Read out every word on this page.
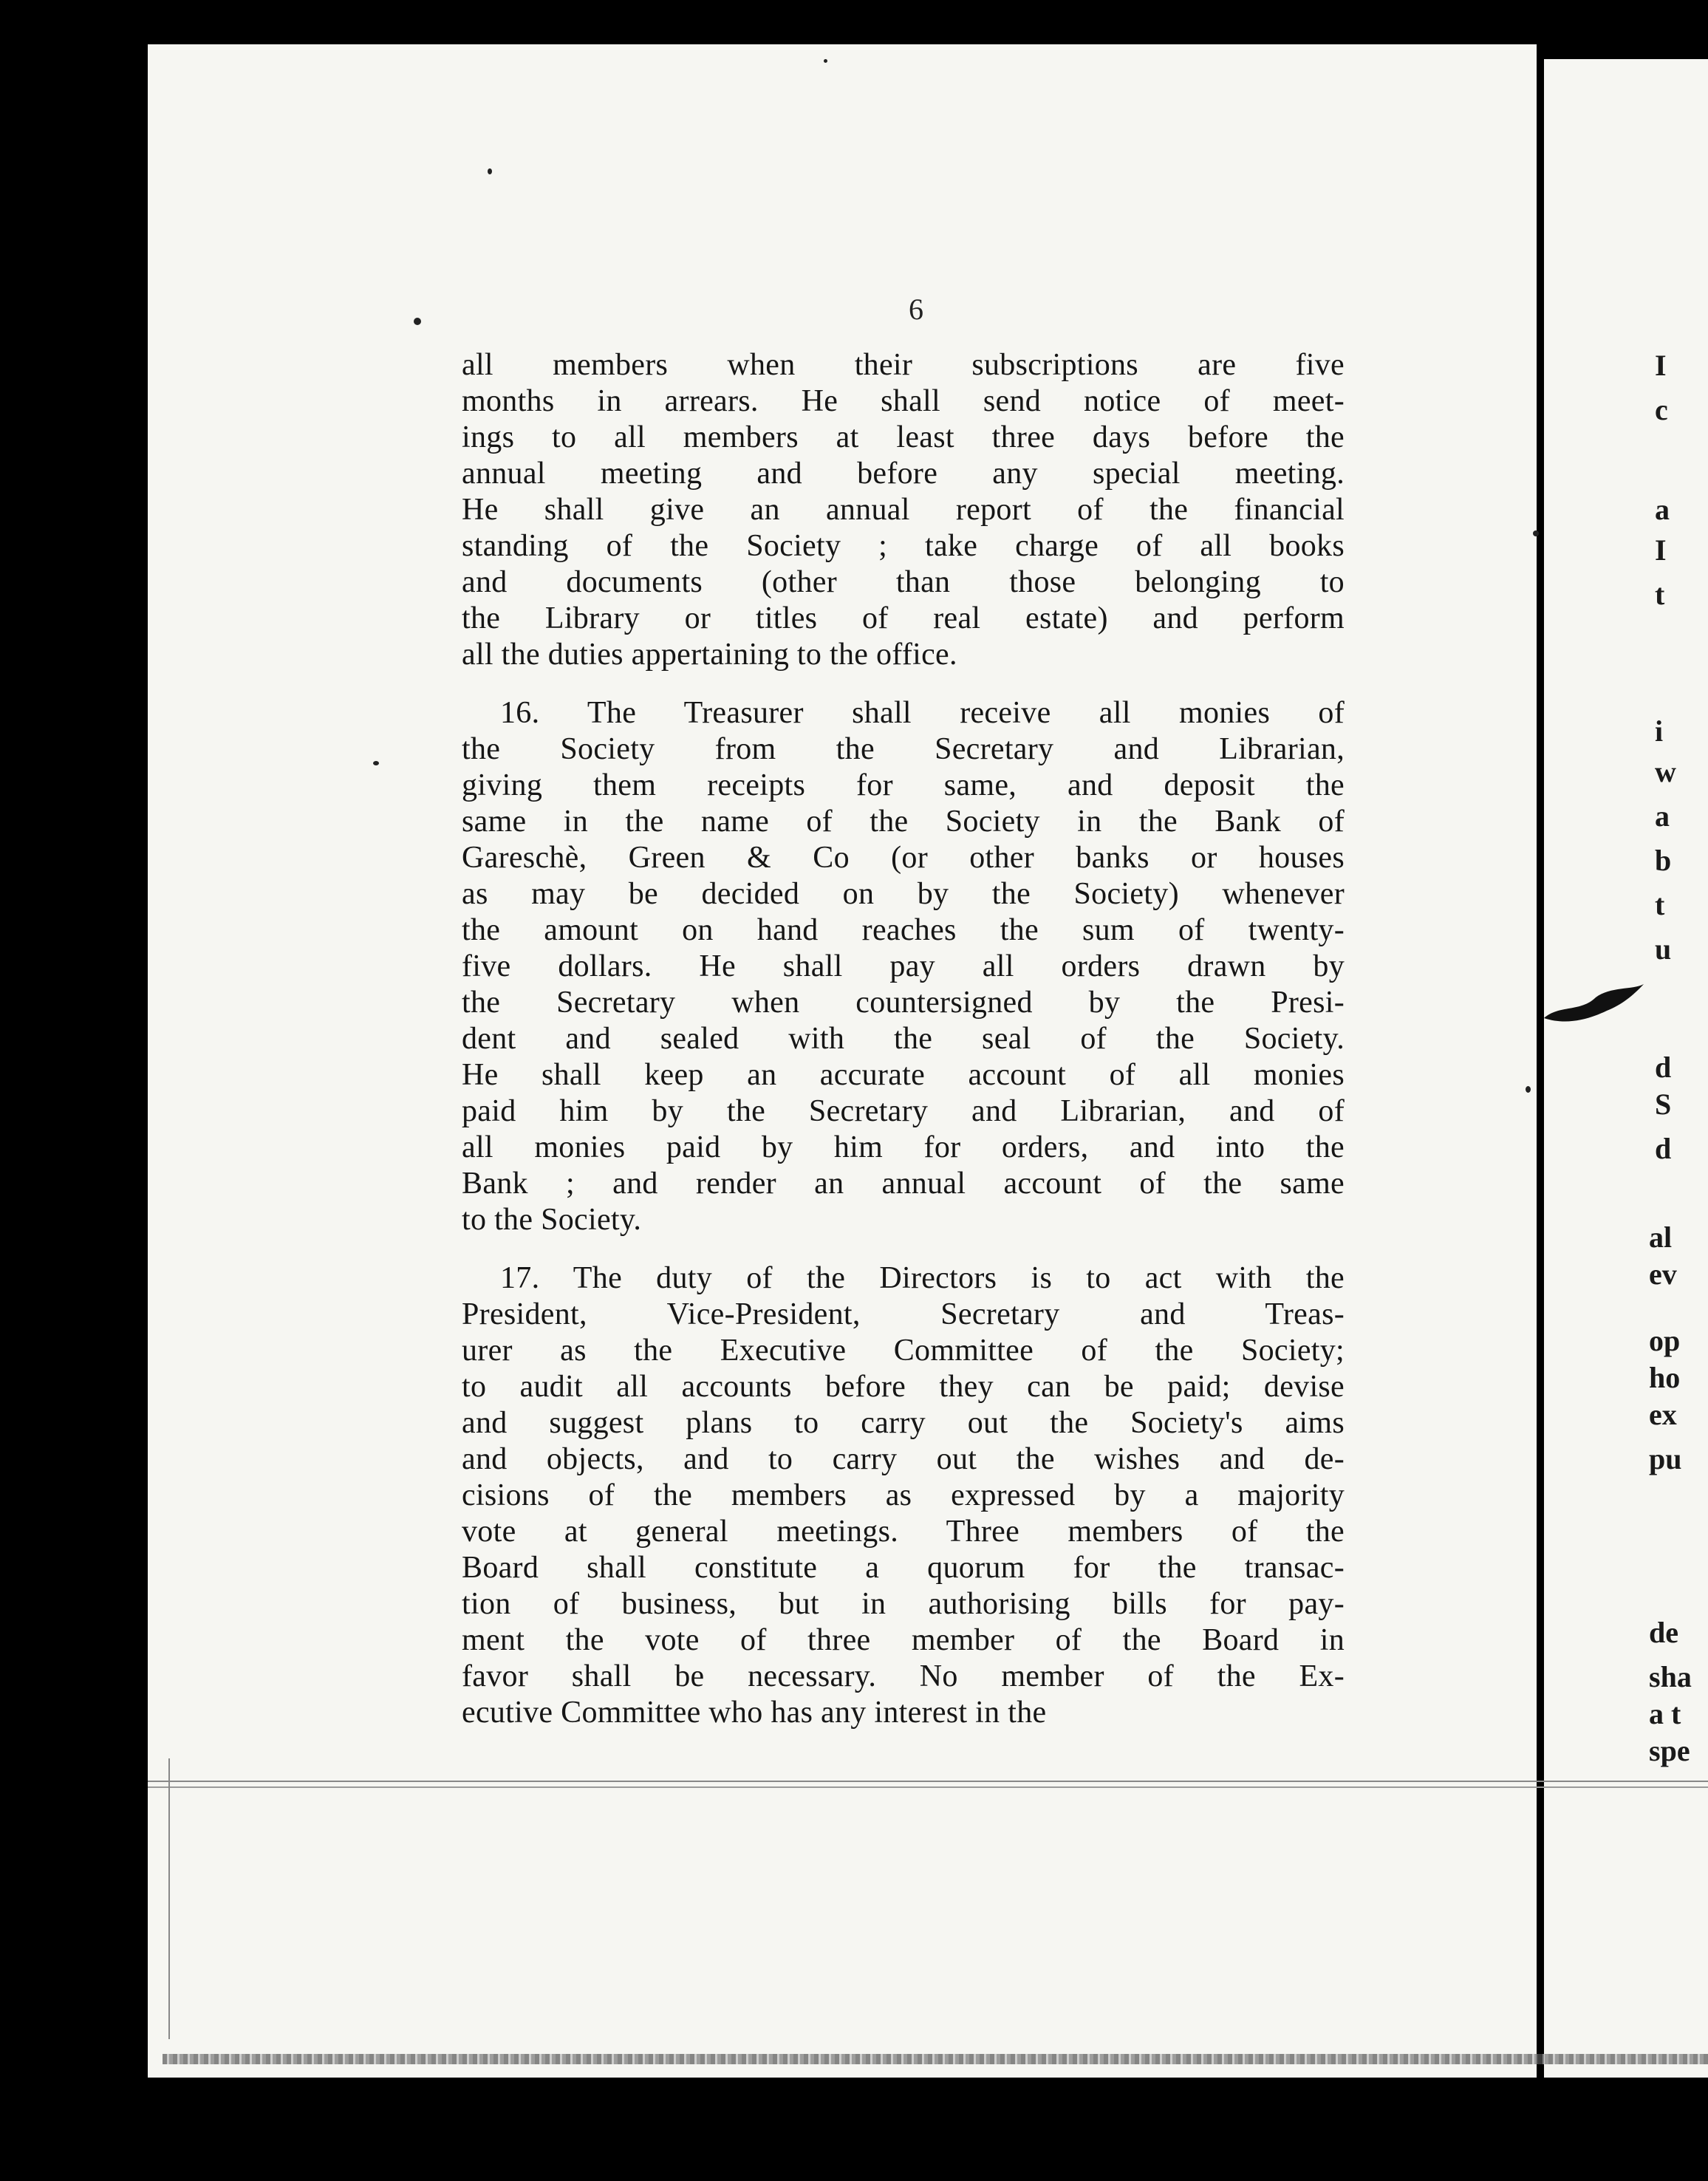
6
all members when their subscriptions are five
months in arrears. He shall send notice of meet-
ings to all members at least three days before the
annual meeting and before any special meeting.
He shall give an annual report of the financial
standing of the Society ; take charge of all books
and documents (other than those belonging to
the Library or titles of real estate) and perform
all the duties appertaining to the office.
16. The Treasurer shall receive all monies of
the Society from the Secretary and Librarian,
giving them receipts for same, and deposit the
same in the name of the Society in the Bank of
Gareschè, Green & Co (or other banks or houses
as may be decided on by the Society) whenever
the amount on hand reaches the sum of twenty-
five dollars. He shall pay all orders drawn by
the Secretary when countersigned by the Presi-
dent and sealed with the seal of the Society.
He shall keep an accurate account of all monies
paid him by the Secretary and Librarian, and of
all monies paid by him for orders, and into the
Bank ; and render an annual account of the same
to the Society.
17. The duty of the Directors is to act with the
President, Vice-President, Secretary and Treas-
urer as the Executive Committee of the Society;
to audit all accounts before they can be paid; devise
and suggest plans to carry out the Society's aims
and objects, and to carry out the wishes and de-
cisions of the members as expressed by a majority
vote at general meetings. Three members of the
Board shall constitute a quorum for the transac-
tion of business, but in authorising bills for pay-
ment the vote of three member of the Board in
favor shall be necessary. No member of the Ex-
ecutive Committee who has any interest in the
I
c
a
I
t
i
w
a
b
t
u
d
S
d
al
ev
op
ho
ex
pu
de
sha
a t
spe
